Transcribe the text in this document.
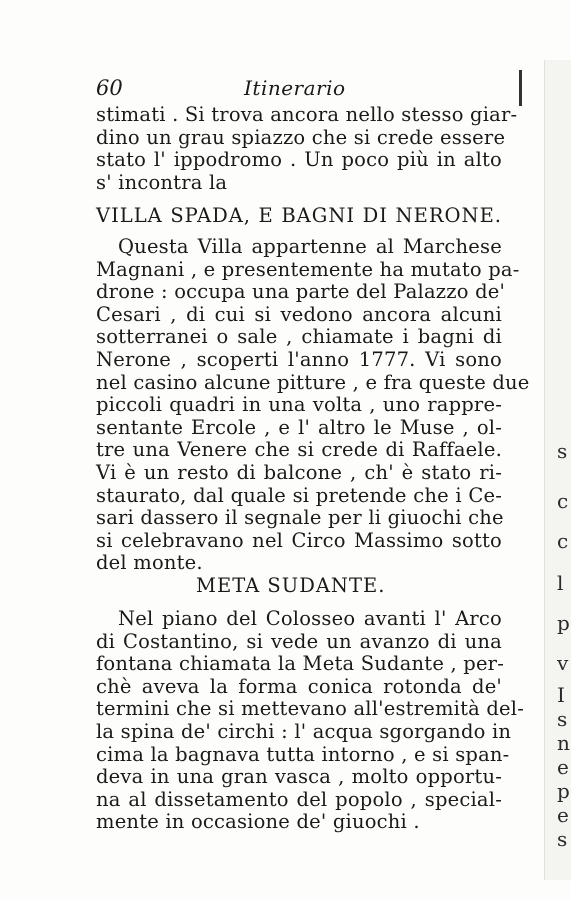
60	Itinerario
stimati . Si trova ancora nello stesso giar-
dino un grau spiazzo che si crede essere
stato l' ippodromo . Un poco più in alto
s' incontra la
VILLA SPADA, E BAGNI DI NERONE.
Questa Villa appartenne al Marchese
Magnani , e presentemente ha mutato pa-
drone : occupa una parte del Palazzo de'
Cesari , di cui si vedono ancora alcuni
sotterranei o sale , chiamate i bagni di
Nerone , scoperti l'anno 1777. Vi sono
nel casino alcune pitture , e fra queste due
piccoli quadri in una volta , uno rappre-
sentante Ercole , e l' altro le Muse , ol-
tre una Venere che si crede di Raffaele.
Vi è un resto di balcone , ch' è stato ri-
staurato, dal quale si pretende che i Ce-
sari dassero il segnale per li giuochi che
si celebravano nel Circo Massimo sotto
del monte.
META SUDANTE.
Nel piano del Colosseo avanti l' Arco
di Costantino, si vede un avanzo di una
fontana chiamata la Meta Sudante , per-
chè aveva la forma conica rotonda de'
termini che si mettevano all'estremità del-
la spina de' circhi : l' acqua sgorgando in
cima la bagnava tutta intorno , e si span-
deva in una gran vasca , molto opportu-
na al dissetamento del popolo , special-
mente in occasione de' giuochi .
s
c
c
l
p
v
I
s
n
e
p
e
s
